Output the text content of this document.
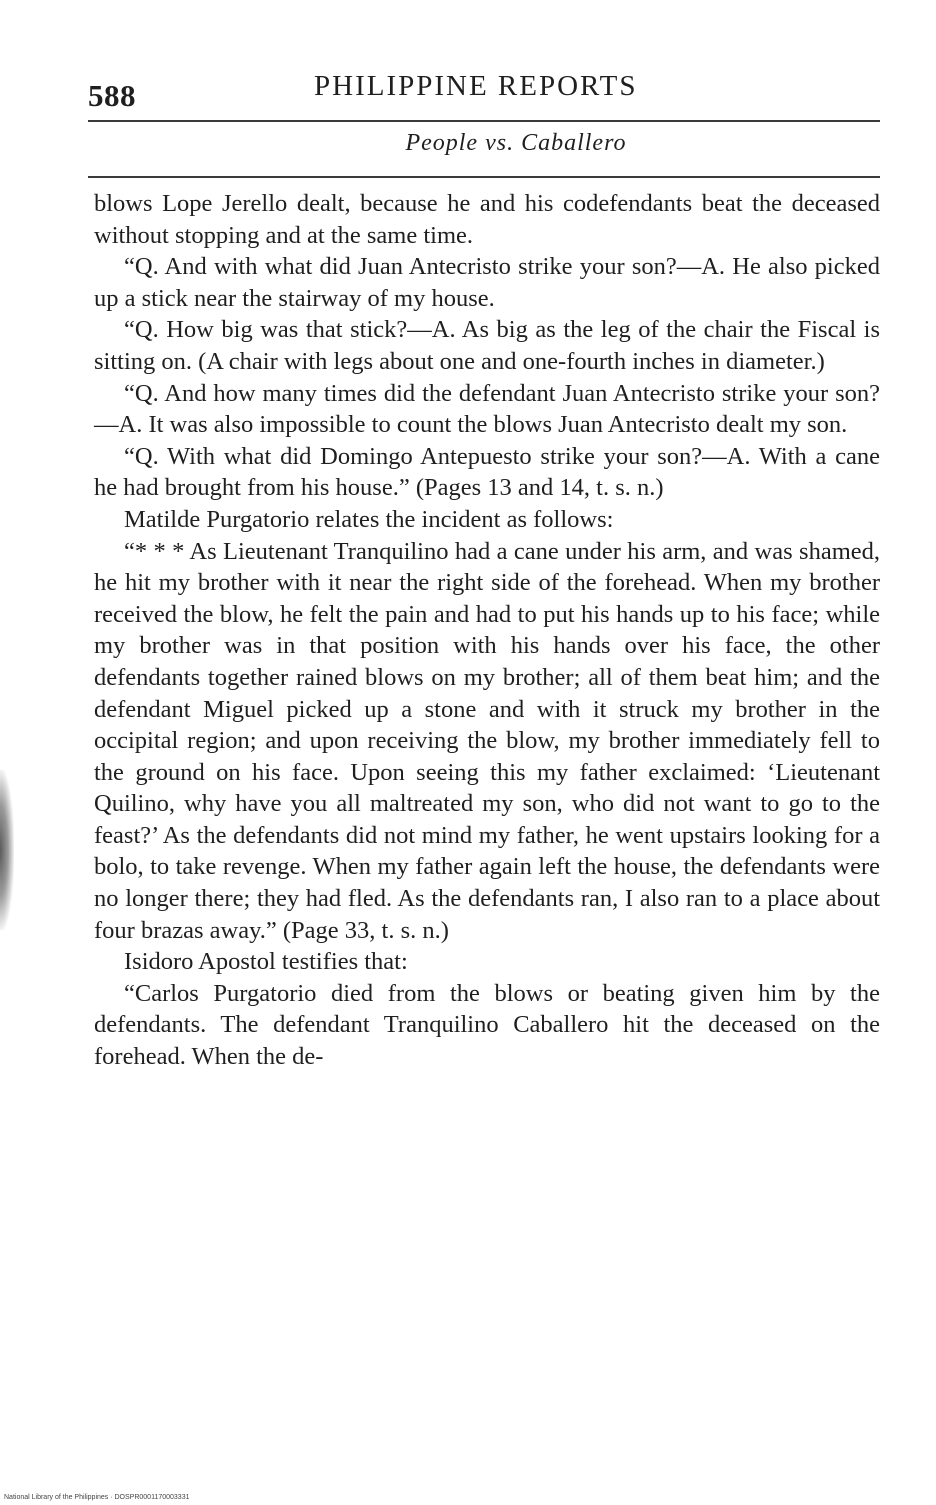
588	PHILIPPINE REPORTS
People vs. Caballero

blows Lope Jerello dealt, because he and his codefendants beat the deceased without stopping and at the same time.

“Q. And with what did Juan Antecristo strike your son?—A. He also picked up a stick near the stairway of my house.

“Q. How big was that stick?—A. As big as the leg of the chair the Fiscal is sitting on. (A chair with legs about one and one-fourth inches in diameter.)

“Q. And how many times did the defendant Juan Antecristo strike your son?—A. It was also impossible to count the blows Juan Antecristo dealt my son.

“Q. With what did Domingo Antepuesto strike your son?—A. With a cane he had brought from his house.” (Pages 13 and 14, t. s. n.)

Matilde Purgatorio relates the incident as follows:

“* * * As Lieutenant Tranquilino had a cane under his arm, and was shamed, he hit my brother with it near the right side of the forehead. When my brother received the blow, he felt the pain and had to put his hands up to his face; while my brother was in that position with his hands over his face, the other defendants together rained blows on my brother; all of them beat him; and the defendant Miguel picked up a stone and with it struck my brother in the occipital region; and upon receiving the blow, my brother immediately fell to the ground on his face. Upon seeing this my father exclaimed: ‘Lieutenant Quilino, why have you all maltreated my son, who did not want to go to the feast?’ As the defendants did not mind my father, he went upstairs looking for a bolo, to take revenge. When my father again left the house, the defendants were no longer there; they had fled. As the defendants ran, I also ran to a place about four brazas away.” (Page 33, t. s. n.)

Isidoro Apostol testifies that:

“Carlos Purgatorio died from the blows or beating given him by the defendants. The defendant Tranquilino Caballero hit the deceased on the forehead. When the de-

National Library of the Philippines · DOSPR0001170003331
